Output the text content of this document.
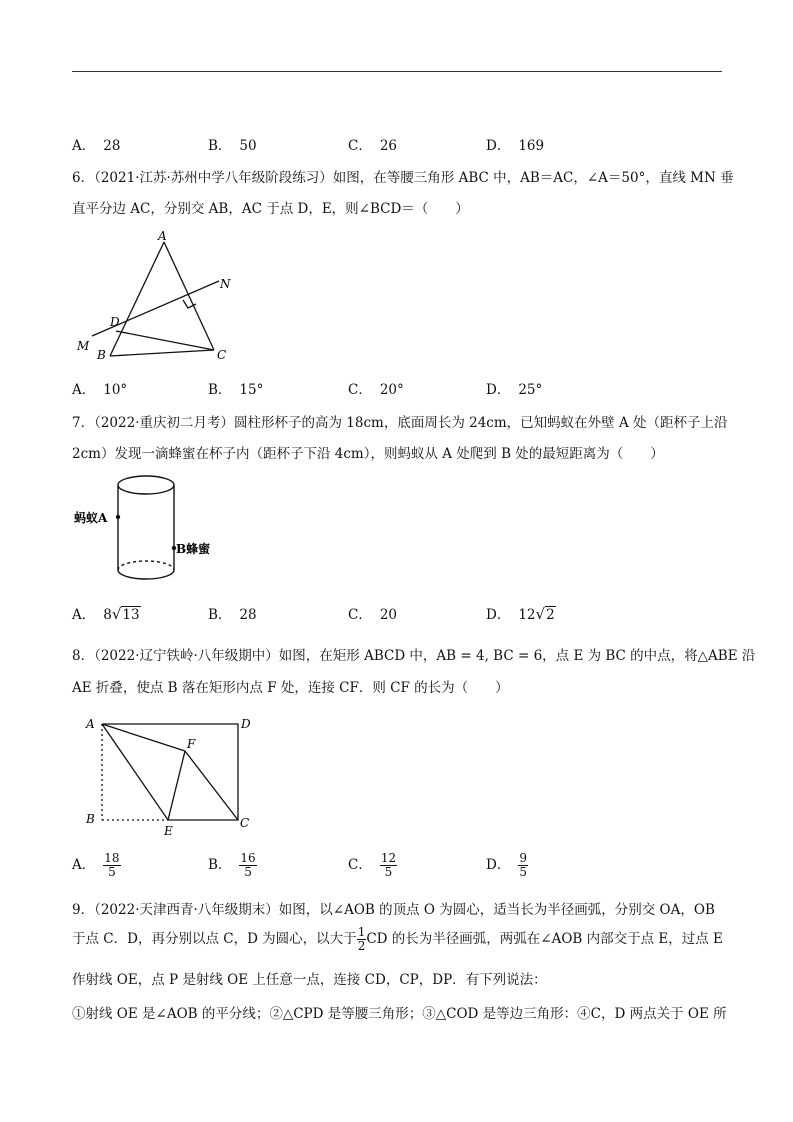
A． 28	B． 50	C． 26	D． 169
6．（2021·江苏·苏州中学八年级阶段练习）如图，在等腰三角形 ABC 中，AB＝AC，∠A＝50°，直线 MN 垂
直平分边 AC，分别交 AB，AC 于点 D，E，则∠BCD＝（　　）
A
N
D
M
B	C
A． 10°	B． 15°	C． 20°	D． 25°
7．（2022·重庆初二月考）圆柱形杯子的高为 18cm，底面周长为 24cm，已知蚂蚁在外壁 A 处（距杯子上沿
2cm）发现一滴蜂蜜在杯子内（距杯子下沿 4cm），则蚂蚁从 A 处爬到 B 处的最短距离为（　　）
蚂蚁A
B蜂蜜
A． 8 √ 13	B． 28	C． 20	D． 12 √ 2
8．（2022·辽宁铁岭·八年级期中）如图，在矩形 ABCD 中，AB = 4, BC = 6，点 E 为 BC 的中点，将△ABE 沿
AE 折叠，使点 B 落在矩形内点 F 处，连接 CF．则 CF 的长为（　　）
A	D
F
B
E
C
A． $\frac{18}{5}$	B． $\frac{16}{5}$	C． $\frac{12}{5}$	D． $\frac{9}{5}$
9．（2022·天津西青·八年级期末）如图，以∠AOB 的顶点 O 为圆心，适当长为半径画弧，分别交 OA，OB
于点 C．D，再分别以点 C，D 为圆心，以大于 $\frac{1}{2}$ CD 的长为半径画弧，两弧在∠AOB 内部交于点 E，过点 E
作射线 OE，点 P 是射线 OE 上任意一点，连接 CD，CP，DP．有下列说法：
①射线 OE 是∠AOB 的平分线；②△CPD 是等腰三角形；③△COD 是等边三角形：④C，D 两点关于 OE 所
